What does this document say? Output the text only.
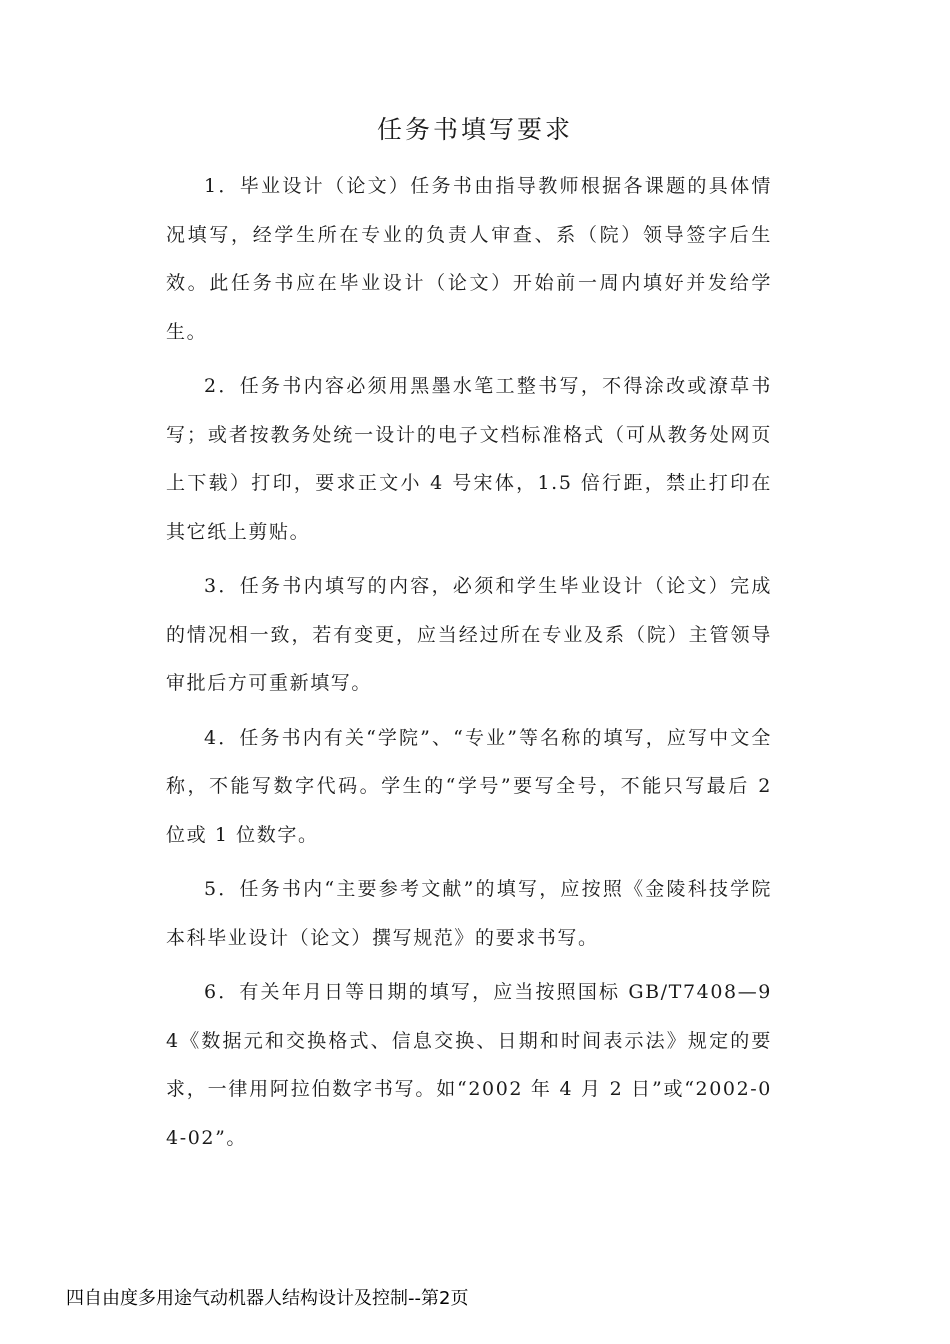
任务书填写要求

1．毕业设计（论文）任务书由指导教师根据各课题的具体情况填写，经学生所在专业的负责人审查、系（院）领导签字后生效。此任务书应在毕业设计（论文）开始前一周内填好并发给学生。

2．任务书内容必须用黑墨水笔工整书写，不得涂改或潦草书写；或者按教务处统一设计的电子文档标准格式（可从教务处网页上下载）打印，要求正文小 4 号宋体，1.5 倍行距，禁止打印在其它纸上剪贴。

3．任务书内填写的内容，必须和学生毕业设计（论文）完成的情况相一致，若有变更，应当经过所在专业及系（院）主管领导审批后方可重新填写。

4．任务书内有关“学院”、“专业”等名称的填写，应写中文全称，不能写数字代码。学生的“学号”要写全号，不能只写最后 2 位或 1 位数字。

5．任务书内“主要参考文献”的填写，应按照《金陵科技学院本科毕业设计（论文）撰写规范》的要求书写。

6．有关年月日等日期的填写，应当按照国标 GB/T7408—94《数据元和交换格式、信息交换、日期和时间表示法》规定的要求，一律用阿拉伯数字书写。如“2002 年 4 月 2 日”或“2002-04-02”。

四自由度多用途气动机器人结构设计及控制--第2页
